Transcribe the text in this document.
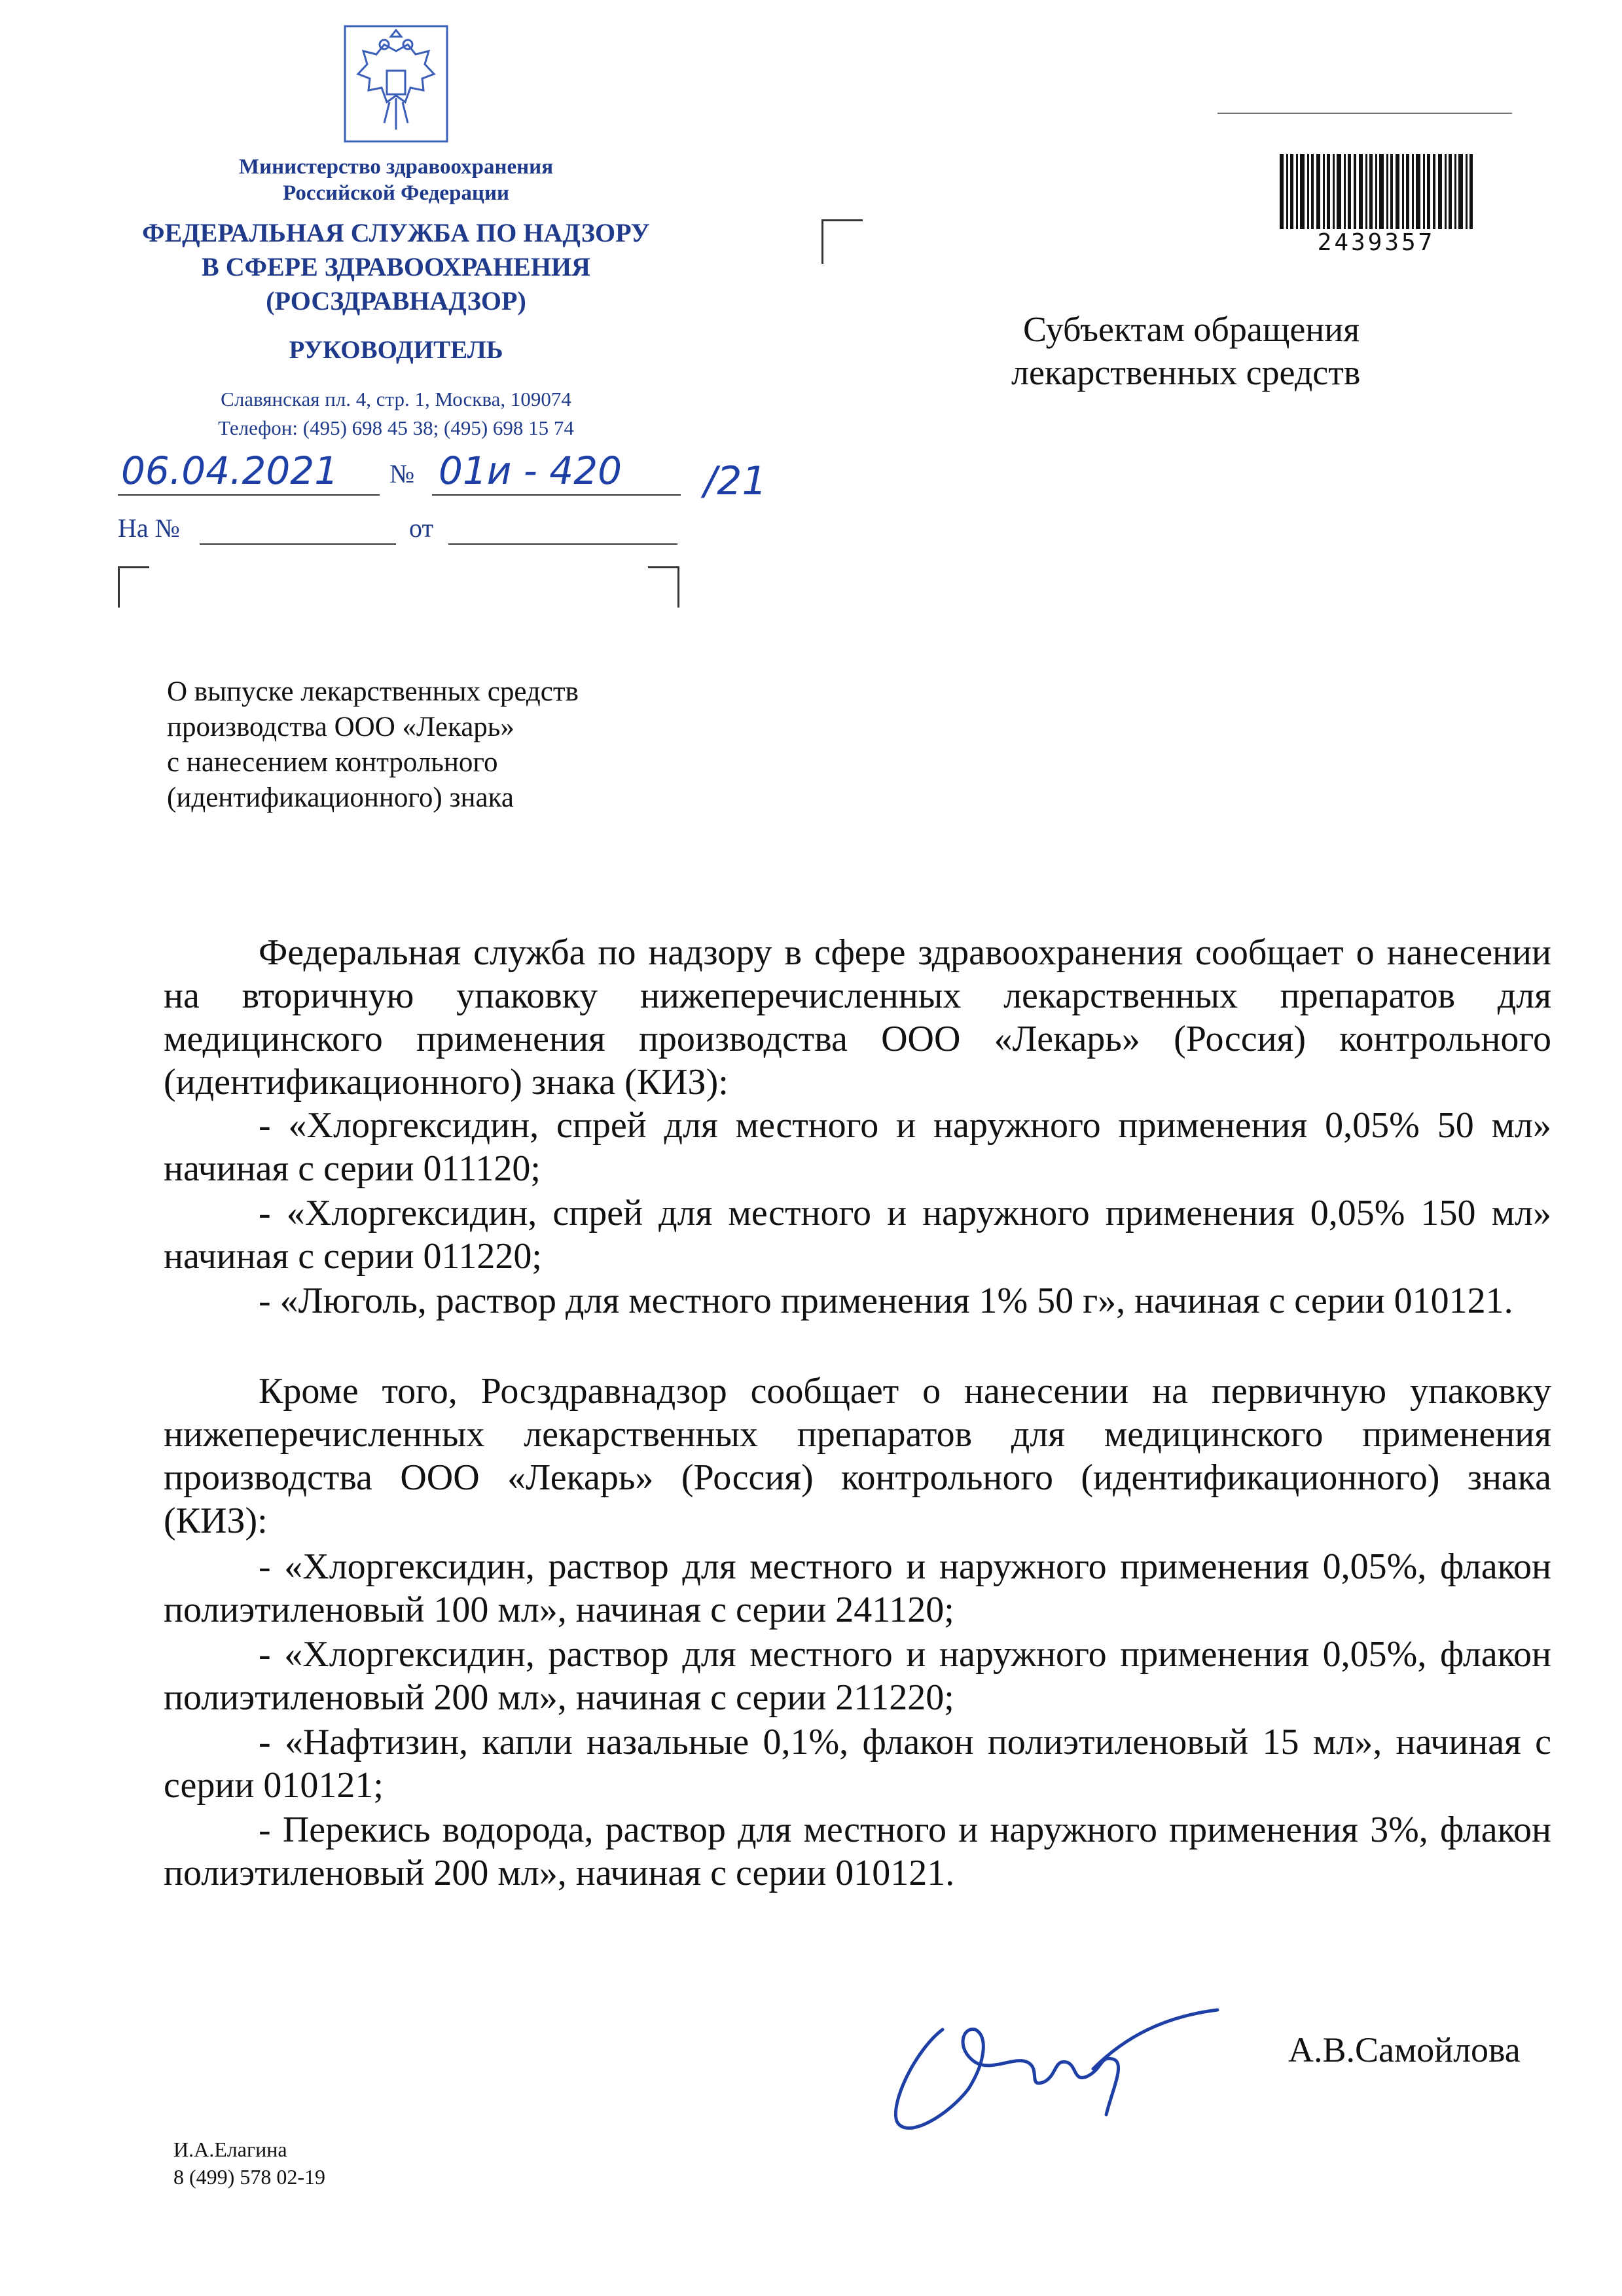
Министерство здравоохранения
Российской Федерации
ФЕДЕРАЛЬНАЯ СЛУЖБА ПО НАДЗОРУ
В СФЕРЕ ЗДРАВООХРАНЕНИЯ
(РОСЗДРАВНАДЗОР)
РУКОВОДИТЕЛЬ
Славянская пл. 4, стр. 1, Москва, 109074
Телефон: (495) 698 45 38; (495) 698 15 74
06.04.2021 № 01и - 420 /21
На №	от
2439357
Субъектам обращения
лекарственных средств
О выпуске лекарственных средств
производства ООО «Лекарь»
с нанесением контрольного
(идентификационного) знака
Федеральная служба по надзору в сфере здравоохранения сообщает о нанесении на вторичную упаковку нижеперечисленных лекарственных препаратов для медицинского применения производства ООО «Лекарь» (Россия) контрольного (идентификационного) знака (КИЗ):
- «Хлоргексидин, спрей для местного и наружного применения 0,05% 50 мл» начиная с серии 011120;
- «Хлоргексидин, спрей для местного и наружного применения 0,05% 150 мл» начиная с серии 011220;
- «Люголь, раствор для местного применения 1% 50 г», начиная с серии 010121.
Кроме того, Росздравнадзор сообщает о нанесении на первичную упаковку нижеперечисленных лекарственных препаратов для медицинского применения производства ООО «Лекарь» (Россия) контрольного (идентификационного) знака (КИЗ):
- «Хлоргексидин, раствор для местного и наружного применения 0,05%, флакон полиэтиленовый 100 мл», начиная с серии 241120;
- «Хлоргексидин, раствор для местного и наружного применения 0,05%, флакон полиэтиленовый 200 мл», начиная с серии 211220;
- «Нафтизин, капли назальные 0,1%, флакон полиэтиленовый 15 мл», начиная с серии 010121;
- Перекись водорода, раствор для местного и наружного применения 3%, флакон полиэтиленовый 200 мл», начиная с серии 010121.
А.В.Самойлова
И.А.Елагина
8 (499) 578 02-19
